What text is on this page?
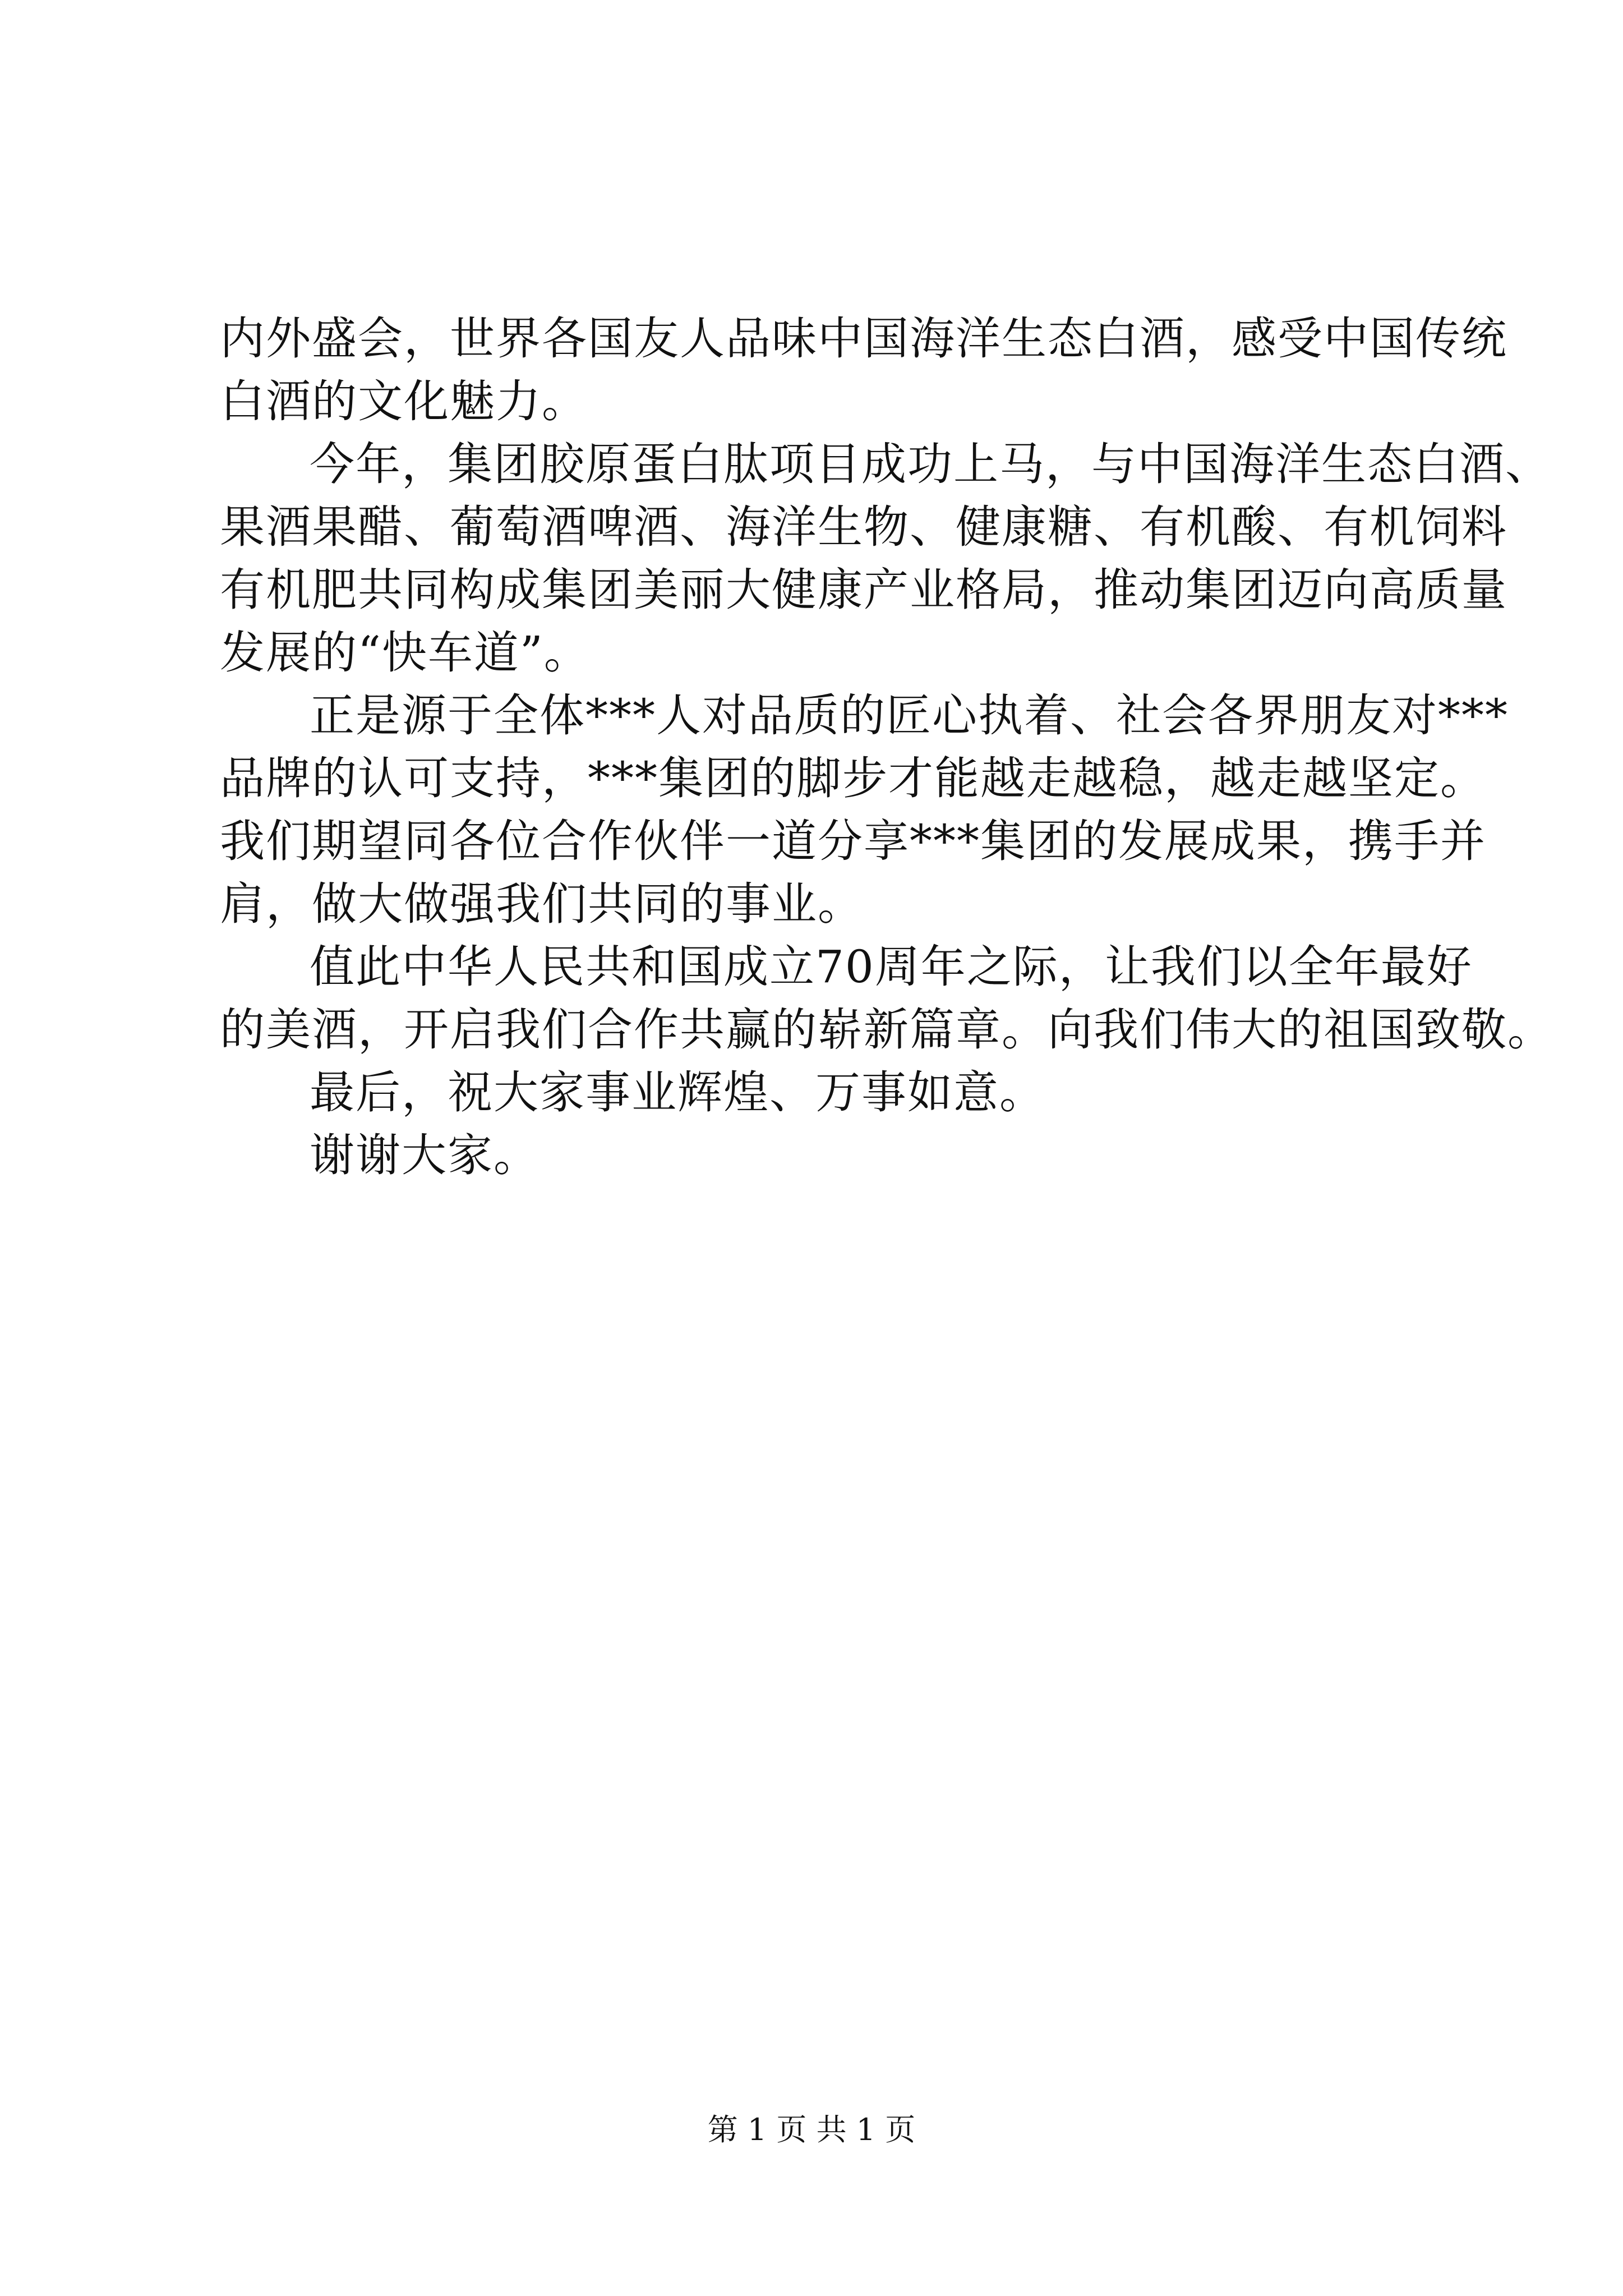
内外盛会，世界各国友人品味中国海洋生态白酒，感受中国传统
白酒的文化魅力。

今年，集团胶原蛋白肽项目成功上马，与中国海洋生态白酒、
果酒果醋、葡萄酒啤酒、海洋生物、健康糖、有机酸、有机饲料
有机肥共同构成集团美丽大健康产业格局，推动集团迈向高质量
发展的“快车道”。

正是源于全体***人对品质的匠心执着、社会各界朋友对***
品牌的认可支持，***集团的脚步才能越走越稳，越走越坚定。
我们期望同各位合作伙伴一道分享***集团的发展成果，携手并
肩，做大做强我们共同的事业。

值此中华人民共和国成立70周年之际，让我们以全年最好
的美酒，开启我们合作共赢的崭新篇章。向我们伟大的祖国致敬。

最后，祝大家事业辉煌、万事如意。

谢谢大家。

第 1 页 共 1 页
